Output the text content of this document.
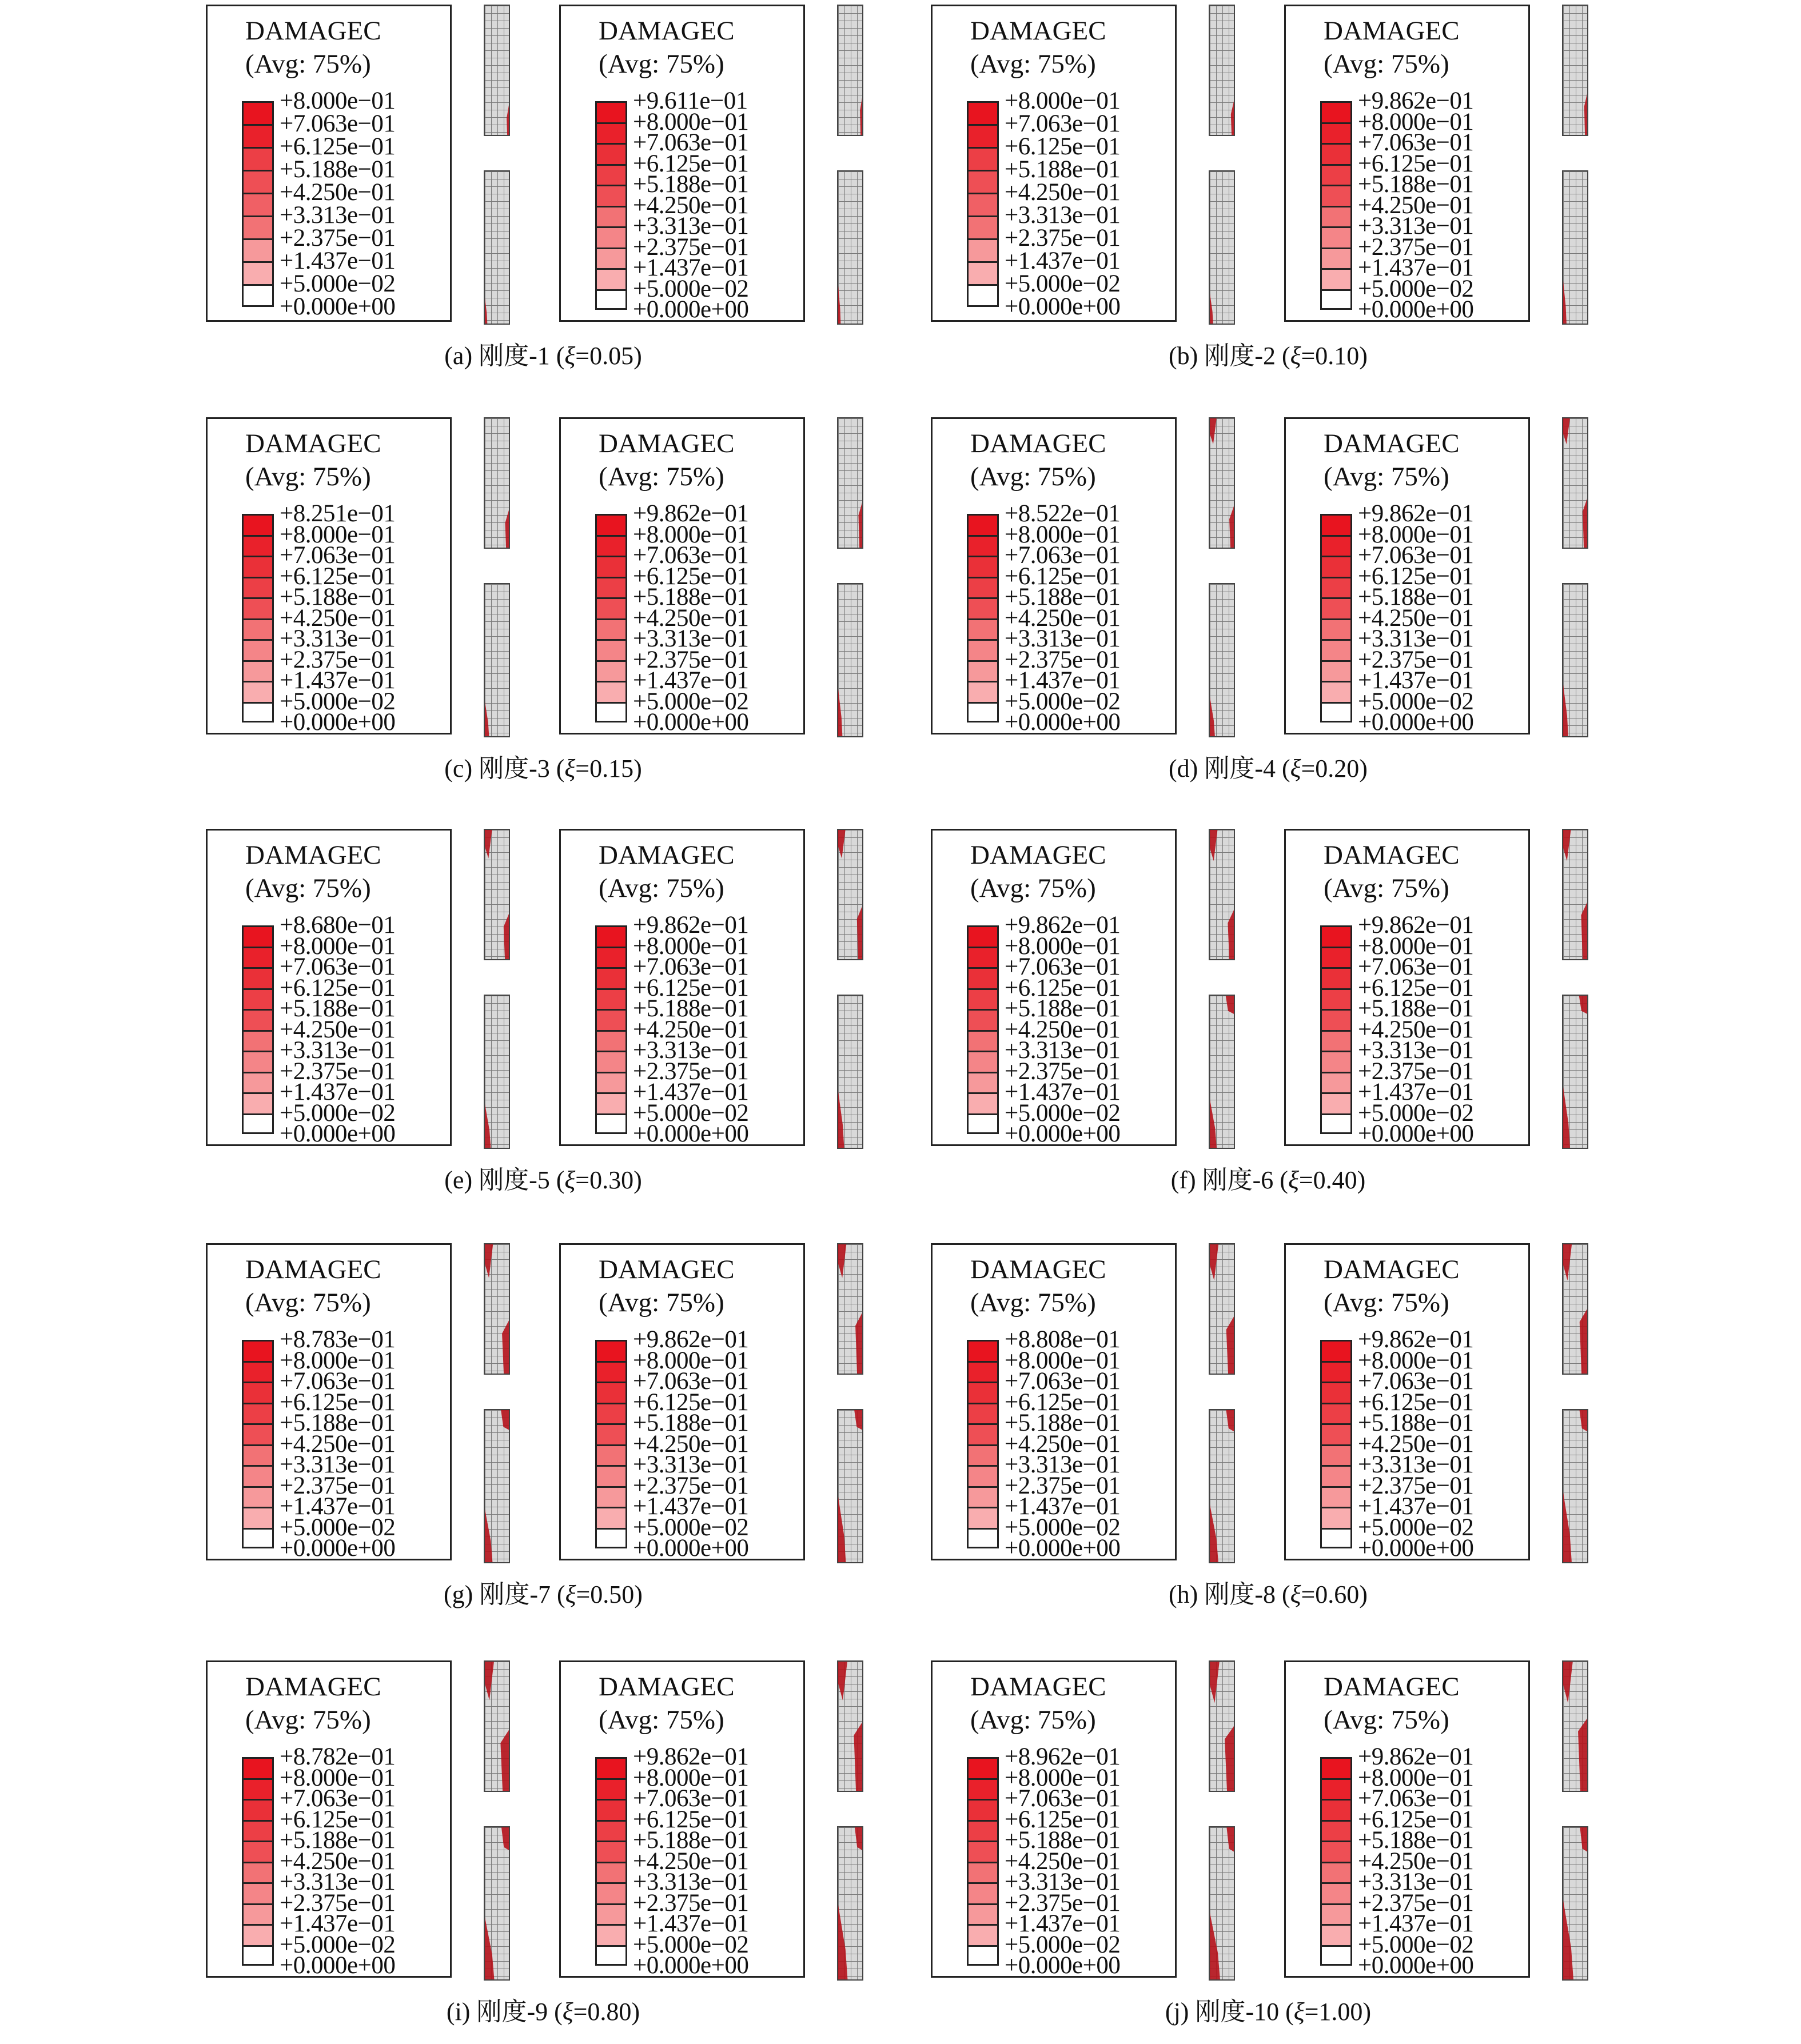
DAMAGEC
(Avg: 75%)
+8.000e−01
+7.063e−01
+6.125e−01
+5.188e−01
+4.250e−01
+3.313e−01
+2.375e−01
+1.437e−01
+5.000e−02
+0.000e+00
DAMAGEC
(Avg: 75%)
+9.611e−01
+8.000e−01
+7.063e−01
+6.125e−01
+5.188e−01
+4.250e−01
+3.313e−01
+2.375e−01
+1.437e−01
+5.000e−02
+0.000e+00
(a) 刚度-1 (ξ=0.05)
DAMAGEC
(Avg: 75%)
+8.000e−01
+7.063e−01
+6.125e−01
+5.188e−01
+4.250e−01
+3.313e−01
+2.375e−01
+1.437e−01
+5.000e−02
+0.000e+00
DAMAGEC
(Avg: 75%)
+9.862e−01
+8.000e−01
+7.063e−01
+6.125e−01
+5.188e−01
+4.250e−01
+3.313e−01
+2.375e−01
+1.437e−01
+5.000e−02
+0.000e+00
(b) 刚度-2 (ξ=0.10)
DAMAGEC
(Avg: 75%)
+8.251e−01
+8.000e−01
+7.063e−01
+6.125e−01
+5.188e−01
+4.250e−01
+3.313e−01
+2.375e−01
+1.437e−01
+5.000e−02
+0.000e+00
DAMAGEC
(Avg: 75%)
+9.862e−01
+8.000e−01
+7.063e−01
+6.125e−01
+5.188e−01
+4.250e−01
+3.313e−01
+2.375e−01
+1.437e−01
+5.000e−02
+0.000e+00
(c) 刚度-3 (ξ=0.15)
DAMAGEC
(Avg: 75%)
+8.522e−01
+8.000e−01
+7.063e−01
+6.125e−01
+5.188e−01
+4.250e−01
+3.313e−01
+2.375e−01
+1.437e−01
+5.000e−02
+0.000e+00
DAMAGEC
(Avg: 75%)
+9.862e−01
+8.000e−01
+7.063e−01
+6.125e−01
+5.188e−01
+4.250e−01
+3.313e−01
+2.375e−01
+1.437e−01
+5.000e−02
+0.000e+00
(d) 刚度-4 (ξ=0.20)
DAMAGEC
(Avg: 75%)
+8.680e−01
+8.000e−01
+7.063e−01
+6.125e−01
+5.188e−01
+4.250e−01
+3.313e−01
+2.375e−01
+1.437e−01
+5.000e−02
+0.000e+00
DAMAGEC
(Avg: 75%)
+9.862e−01
+8.000e−01
+7.063e−01
+6.125e−01
+5.188e−01
+4.250e−01
+3.313e−01
+2.375e−01
+1.437e−01
+5.000e−02
+0.000e+00
(e) 刚度-5 (ξ=0.30)
DAMAGEC
(Avg: 75%)
+9.862e−01
+8.000e−01
+7.063e−01
+6.125e−01
+5.188e−01
+4.250e−01
+3.313e−01
+2.375e−01
+1.437e−01
+5.000e−02
+0.000e+00
DAMAGEC
(Avg: 75%)
+9.862e−01
+8.000e−01
+7.063e−01
+6.125e−01
+5.188e−01
+4.250e−01
+3.313e−01
+2.375e−01
+1.437e−01
+5.000e−02
+0.000e+00
(f) 刚度-6 (ξ=0.40)
DAMAGEC
(Avg: 75%)
+8.783e−01
+8.000e−01
+7.063e−01
+6.125e−01
+5.188e−01
+4.250e−01
+3.313e−01
+2.375e−01
+1.437e−01
+5.000e−02
+0.000e+00
DAMAGEC
(Avg: 75%)
+9.862e−01
+8.000e−01
+7.063e−01
+6.125e−01
+5.188e−01
+4.250e−01
+3.313e−01
+2.375e−01
+1.437e−01
+5.000e−02
+0.000e+00
(g) 刚度-7 (ξ=0.50)
DAMAGEC
(Avg: 75%)
+8.808e−01
+8.000e−01
+7.063e−01
+6.125e−01
+5.188e−01
+4.250e−01
+3.313e−01
+2.375e−01
+1.437e−01
+5.000e−02
+0.000e+00
DAMAGEC
(Avg: 75%)
+9.862e−01
+8.000e−01
+7.063e−01
+6.125e−01
+5.188e−01
+4.250e−01
+3.313e−01
+2.375e−01
+1.437e−01
+5.000e−02
+0.000e+00
(h) 刚度-8 (ξ=0.60)
DAMAGEC
(Avg: 75%)
+8.782e−01
+8.000e−01
+7.063e−01
+6.125e−01
+5.188e−01
+4.250e−01
+3.313e−01
+2.375e−01
+1.437e−01
+5.000e−02
+0.000e+00
DAMAGEC
(Avg: 75%)
+9.862e−01
+8.000e−01
+7.063e−01
+6.125e−01
+5.188e−01
+4.250e−01
+3.313e−01
+2.375e−01
+1.437e−01
+5.000e−02
+0.000e+00
(i) 刚度-9 (ξ=0.80)
DAMAGEC
(Avg: 75%)
+8.962e−01
+8.000e−01
+7.063e−01
+6.125e−01
+5.188e−01
+4.250e−01
+3.313e−01
+2.375e−01
+1.437e−01
+5.000e−02
+0.000e+00
DAMAGEC
(Avg: 75%)
+9.862e−01
+8.000e−01
+7.063e−01
+6.125e−01
+5.188e−01
+4.250e−01
+3.313e−01
+2.375e−01
+1.437e−01
+5.000e−02
+0.000e+00
(j) 刚度-10 (ξ=1.00)
